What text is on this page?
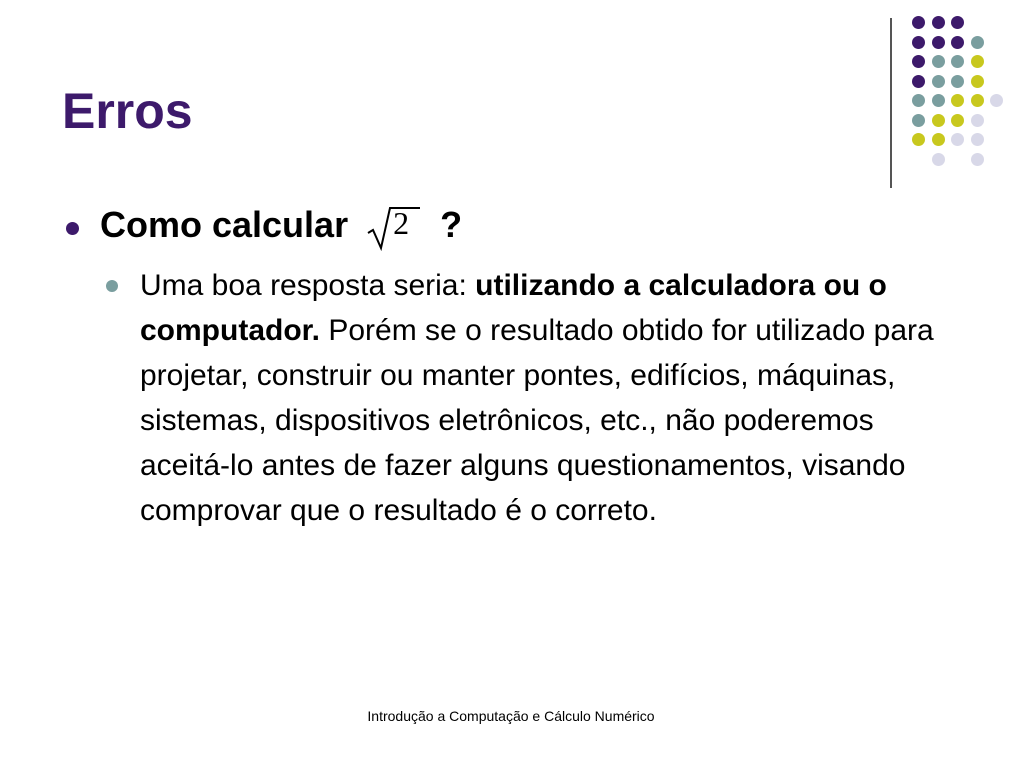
Erros
Como calcular 2 ?
Uma boa resposta seria: utilizando a calculadora ou o computador. Porém se o resultado obtido for utilizado para projetar, construir ou manter pontes, edifícios, máquinas, sistemas, dispositivos eletrônicos, etc., não poderemos aceitá-lo antes de fazer alguns questionamentos, visando comprovar que o resultado é o correto.
Introdução a Computação e Cálculo Numérico
